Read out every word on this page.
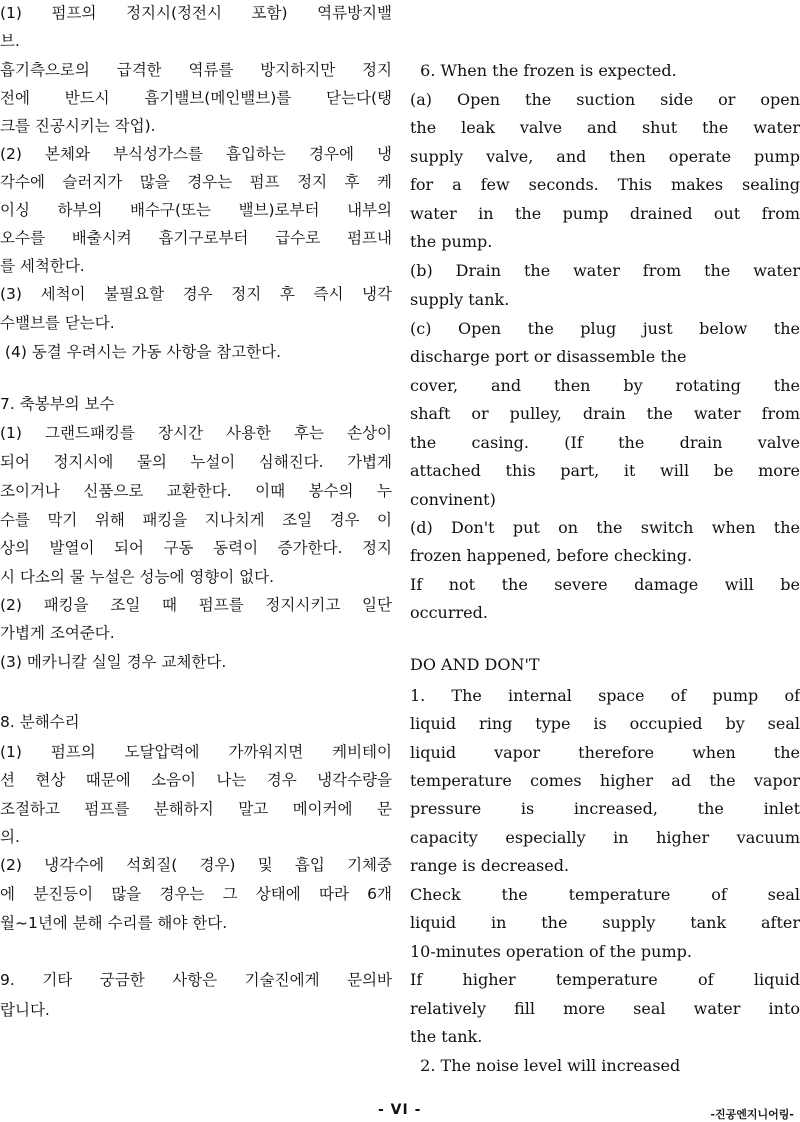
(1) 펌프의 정지시(정전시 포함) 역류방지밸
브.
흡기측으로의 급격한 역류를 방지하지만 정지
전에 반드시 흡기밸브(메인밸브)를 닫는다(탱
크를 진공시키는 작업).
(2) 본체와 부식성가스를 흡입하는 경우에 냉
각수에 슬러지가 많을 경우는 펌프 정지 후 케
이싱 하부의 배수구(또는 밸브)로부터 내부의
오수를 배출시켜 흡기구로부터 급수로 펌프내
를 세척한다.
(3) 세척이 불필요할 경우 정지 후 즉시 냉각
수밸브를 닫는다.
(4) 동결 우려시는 가동 사항을 참고한다.
7. 축봉부의 보수
(1) 그랜드패킹를 장시간 사용한 후는 손상이
되어 정지시에 물의 누설이 심해진다. 가볍게
조이거나 신품으로 교환한다. 이때 봉수의 누
수를 막기 위해 패킹을 지나치게 조일 경우 이
상의 발열이 되어 구동 동력이 증가한다. 정지
시 다소의 물 누설은 성능에 영향이 없다.
(2) 패킹을 조일 때 펌프를 정지시키고 일단
가볍게 조여준다.
(3) 메카니칼 실일 경우 교체한다.
8. 분해수리
(1) 펌프의 도달압력에 가까워지면 케비테이
션 현상 때문에 소음이 나는 경우 냉각수량을
조절하고 펌프를 분해하지 말고 메이커에 문
의.
(2) 냉각수에 석회질( 경우) 및 흡입 기체중
에 분진등이 많을 경우는 그 상태에 따라 6개
월~1년에 분해 수리를 해야 한다.
9. 기타 궁금한 사항은 기술진에게 문의바
랍니다.
6. When the frozen is expected.
(a) Open the suction side or open
the leak valve and shut the water
supply valve, and then operate pump
for a few seconds. This makes sealing
water in the pump drained out from
the pump.
(b) Drain the water from the water
supply tank.
(c) Open the plug just below the
discharge port or disassemble the
cover, and then by rotating the
shaft or pulley, drain the water from
the casing. (If the drain valve
attached this part, it will be more
convinent)
(d) Don't put on the switch when the
frozen happened, before checking.
If not the severe damage will be
occurred.
DO AND DON'T
1. The internal space of pump of
liquid ring type is occupied by seal
liquid vapor therefore when the
temperature comes higher ad the vapor
pressure is increased, the inlet
capacity especially in higher vacuum
range is decreased.
Check the temperature of seal
liquid in the supply tank after
10-minutes operation of the pump.
If higher temperature of liquid
relatively fill more seal water into
the tank.
2. The noise level will increased
- VI -	-진공엔지니어링-
